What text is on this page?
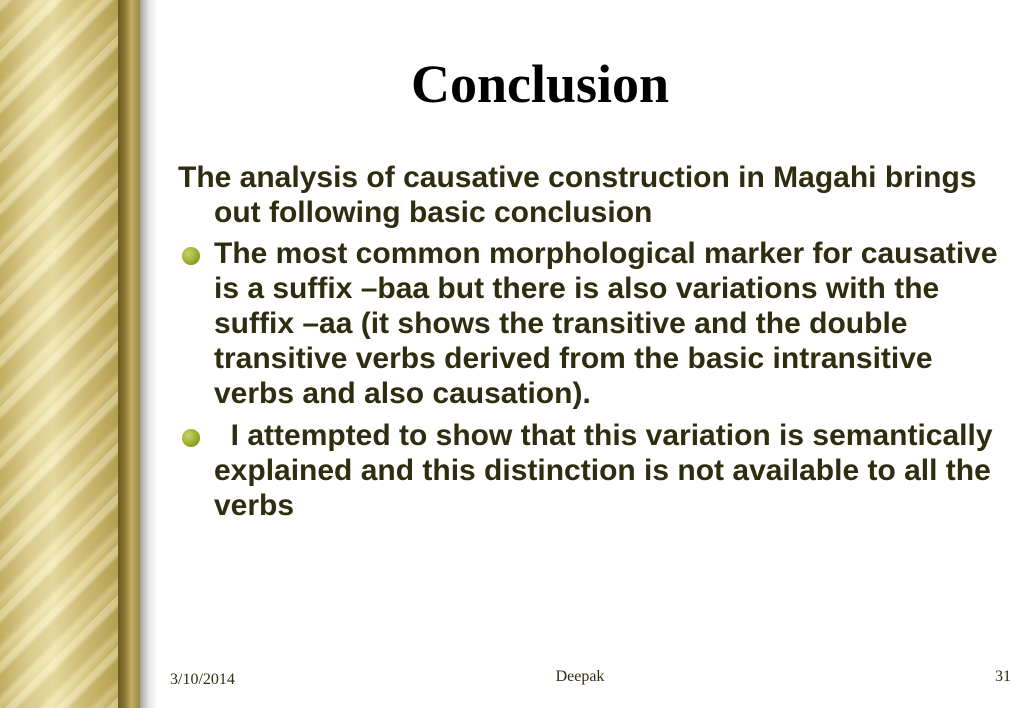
Conclusion

The analysis of causative construction in Magahi brings out following basic conclusion

The most common morphological marker for causative is a suffix –baa but there is also variations with the suffix –aa (it shows the transitive and the double transitive verbs derived from the basic intransitive verbs and also causation).
I attempted to show that this variation is semantically explained and this distinction is not available to all the verbs
3/10/2014	Deepak	31
